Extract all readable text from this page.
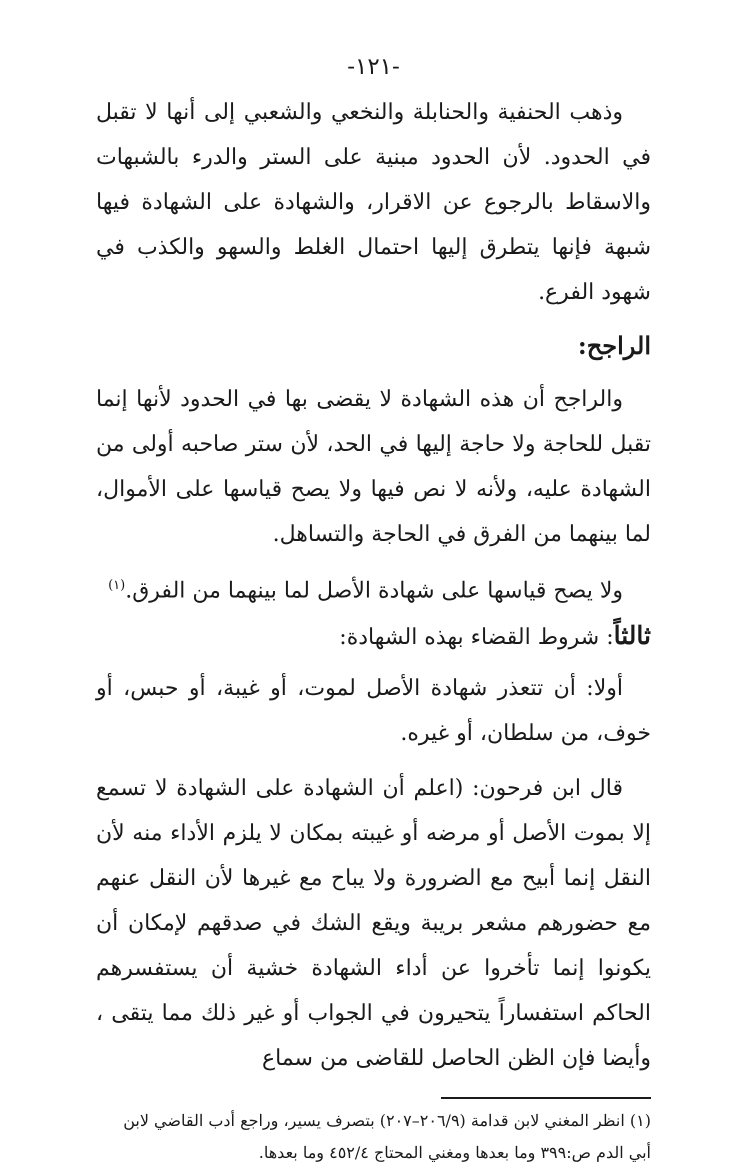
-١٢١-

وذهب الحنفية والحنابلة والنخعي والشعبي إلى أنها لا تقبل في الحدود. لأن الحدود مبنية على الستر والدرء بالشبهات والاسقاط بالرجوع عن الاقرار، والشهادة على الشهادة فيها شبهة فإنها يتطرق إليها احتمال الغلط والسهو والكذب في شهود الفرع.

الراجح:

والراجح أن هذه الشهادة لا يقضى بها في الحدود لأنها إنما تقبل للحاجة ولا حاجة إليها في الحد، لأن ستر صاحبه أولى من الشهادة عليه، ولأنه لا نص فيها ولا يصح قياسها على الأموال، لما بينهما من الفرق في الحاجة والتساهل.

ولا يصح قياسها على شهادة الأصل لما بينهما من الفرق.$^{(١)}$

ثالثاً: شروط القضاء بهذه الشهادة:

أولا: أن تتعذر شهادة الأصل لموت، أو غيبة، أو حبس، أو خوف، من سلطان، أو غيره.

قال ابن فرحون: (اعلم أن الشهادة على الشهادة لا تسمع إلا بموت الأصل أو مرضه أو غيبته بمكان لا يلزم الأداء منه لأن النقل إنما أبيح مع الضرورة ولا يباح مع غيرها لأن النقل عنهم مع حضورهم مشعر بريبة ويقع الشك في صدقهم لإمكان أن يكونوا إنما تأخروا عن أداء الشهادة خشية أن يستفسرهم الحاكم استفساراً يتحيرون في الجواب أو غير ذلك مما يتقى ، وأيضا فإن الظن الحاصل للقاضى من سماع

(١) انظر المغني لابن قدامة (٢٠٦/٩–٢٠٧) بتصرف يسير، وراجع أدب القاضي لابن أبي الدم ص:٣٩٩ وما بعدها ومغني المحتاج ٤٥٢/٤ وما بعدها.
